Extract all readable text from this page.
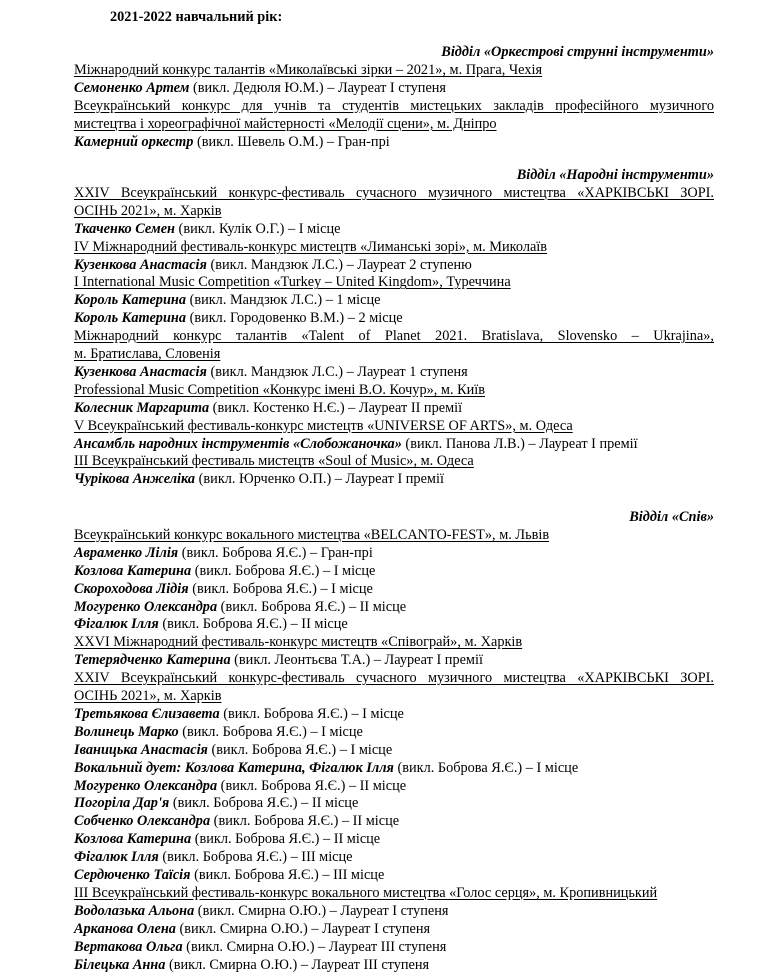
2021-2022 навчальний рік:
Відділ «Оркестрові струнні інструменти»
Міжнародний конкурс талантів «Миколаївські зірки – 2021», м. Прага, Чехія
Семоненко Артем (викл. Дедюля Ю.М.) – Лауреат І ступеня
Всеукраїнський конкурс для учнів та студентів мистецьких закладів професійного музичного
мистецтва і хореографічної майстерності «Мелодії сцени», м. Дніпро
Камерний оркестр (викл. Шевель О.М.) – Гран-прі
Відділ «Народні інструменти»
XXIV Всеукраїнський конкурс-фестиваль сучасного музичного мистецтва «ХАРКІВСЬКІ ЗОРІ.
ОСІНЬ 2021», м. Харків
Ткаченко Семен (викл. Кулік О.Г.) – І місце
IV Міжнародний фестиваль-конкурс мистецтв «Лиманські зорі», м. Миколаїв
Кузенкова Анастасія (викл. Мандзюк Л.С.) – Лауреат 2 ступеню
I International Music Competition «Turkey – United Kingdom», Туреччина
Король Катерина (викл. Мандзюк Л.С.) – 1 місце
Король Катерина (викл. Городовенко В.М.) – 2 місце
Міжнародний конкурс талантів «Talent of Planet 2021. Bratislava, Slovensko – Ukrajina»,
м. Братислава, Словенія
Кузенкова Анастасія (викл. Мандзюк Л.С.) – Лауреат 1 ступеня
Professional Music Competition «Конкурс імені В.О. Кочур», м. Київ
Колесник Маргарита (викл. Костенко Н.Є.) – Лауреат ІІ премії
V Всеукраїнський фестиваль-конкурс мистецтв «UNIVERSE OF ARTS», м. Одеса
Ансамбль народних інструментів «Слобожаночка» (викл. Панова Л.В.) – Лауреат І премії
ІІІ Всеукраїнський фестиваль мистецтв «Soul of Music», м. Одеса
Чурікова Анжеліка (викл. Юрченко О.П.) – Лауреат І премії
Відділ «Спів»
Всеукраїнський конкурс вокального мистецтва «BELCANTO-FEST», м. Львів
Авраменко Лілія (викл. Боброва Я.Є.) – Гран-прі
Козлова Катерина (викл. Боброва Я.Є.) – І місце
Скороходова Лідія (викл. Боброва Я.Є.) – І місце
Могуренко Олександра (викл. Боброва Я.Є.) – ІІ місце
Фігалюк Ілля (викл. Боброва Я.Є.) – ІІ місце
XXVI Міжнародний фестиваль-конкурс мистецтв «Співограй», м. Харків
Тетерядченко Катерина (викл. Леонтьєва Т.А.) – Лауреат І премії
XXIV Всеукраїнський конкурс-фестиваль сучасного музичного мистецтва «ХАРКІВСЬКІ ЗОРІ.
ОСІНЬ 2021», м. Харків
Третьякова Єлизавета (викл. Боброва Я.Є.) – І місце
Волинець Марко (викл. Боброва Я.Є.) – І місце
Іваницька Анастасія (викл. Боброва Я.Є.) – І місце
Вокальний дует: Козлова Катерина, Фігалюк Ілля (викл. Боброва Я.Є.) – І місце
Могуренко Олександра (викл. Боброва Я.Є.) – ІІ місце
Погоріла Дар'я (викл. Боброва Я.Є.) – ІІ місце
Собченко Олександра (викл. Боброва Я.Є.) – ІІ місце
Козлова Катерина (викл. Боброва Я.Є.) – ІІ місце
Фігалюк Ілля (викл. Боброва Я.Є.) – ІІІ місце
Сердюченко Таїсія (викл. Боброва Я.Є.) – ІІІ місце
ІІІ Всеукраїнський фестиваль-конкурс вокального мистецтва «Голос серця», м. Кропивницький
Водолазька Альона (викл. Смирна О.Ю.) – Лауреат І ступеня
Арканова Олена (викл. Смирна О.Ю.) – Лауреат І ступеня
Вертакова Ольга (викл. Смирна О.Ю.) – Лауреат ІІІ ступеня
Білецька Анна (викл. Смирна О.Ю.) – Лауреат ІІІ ступеня
